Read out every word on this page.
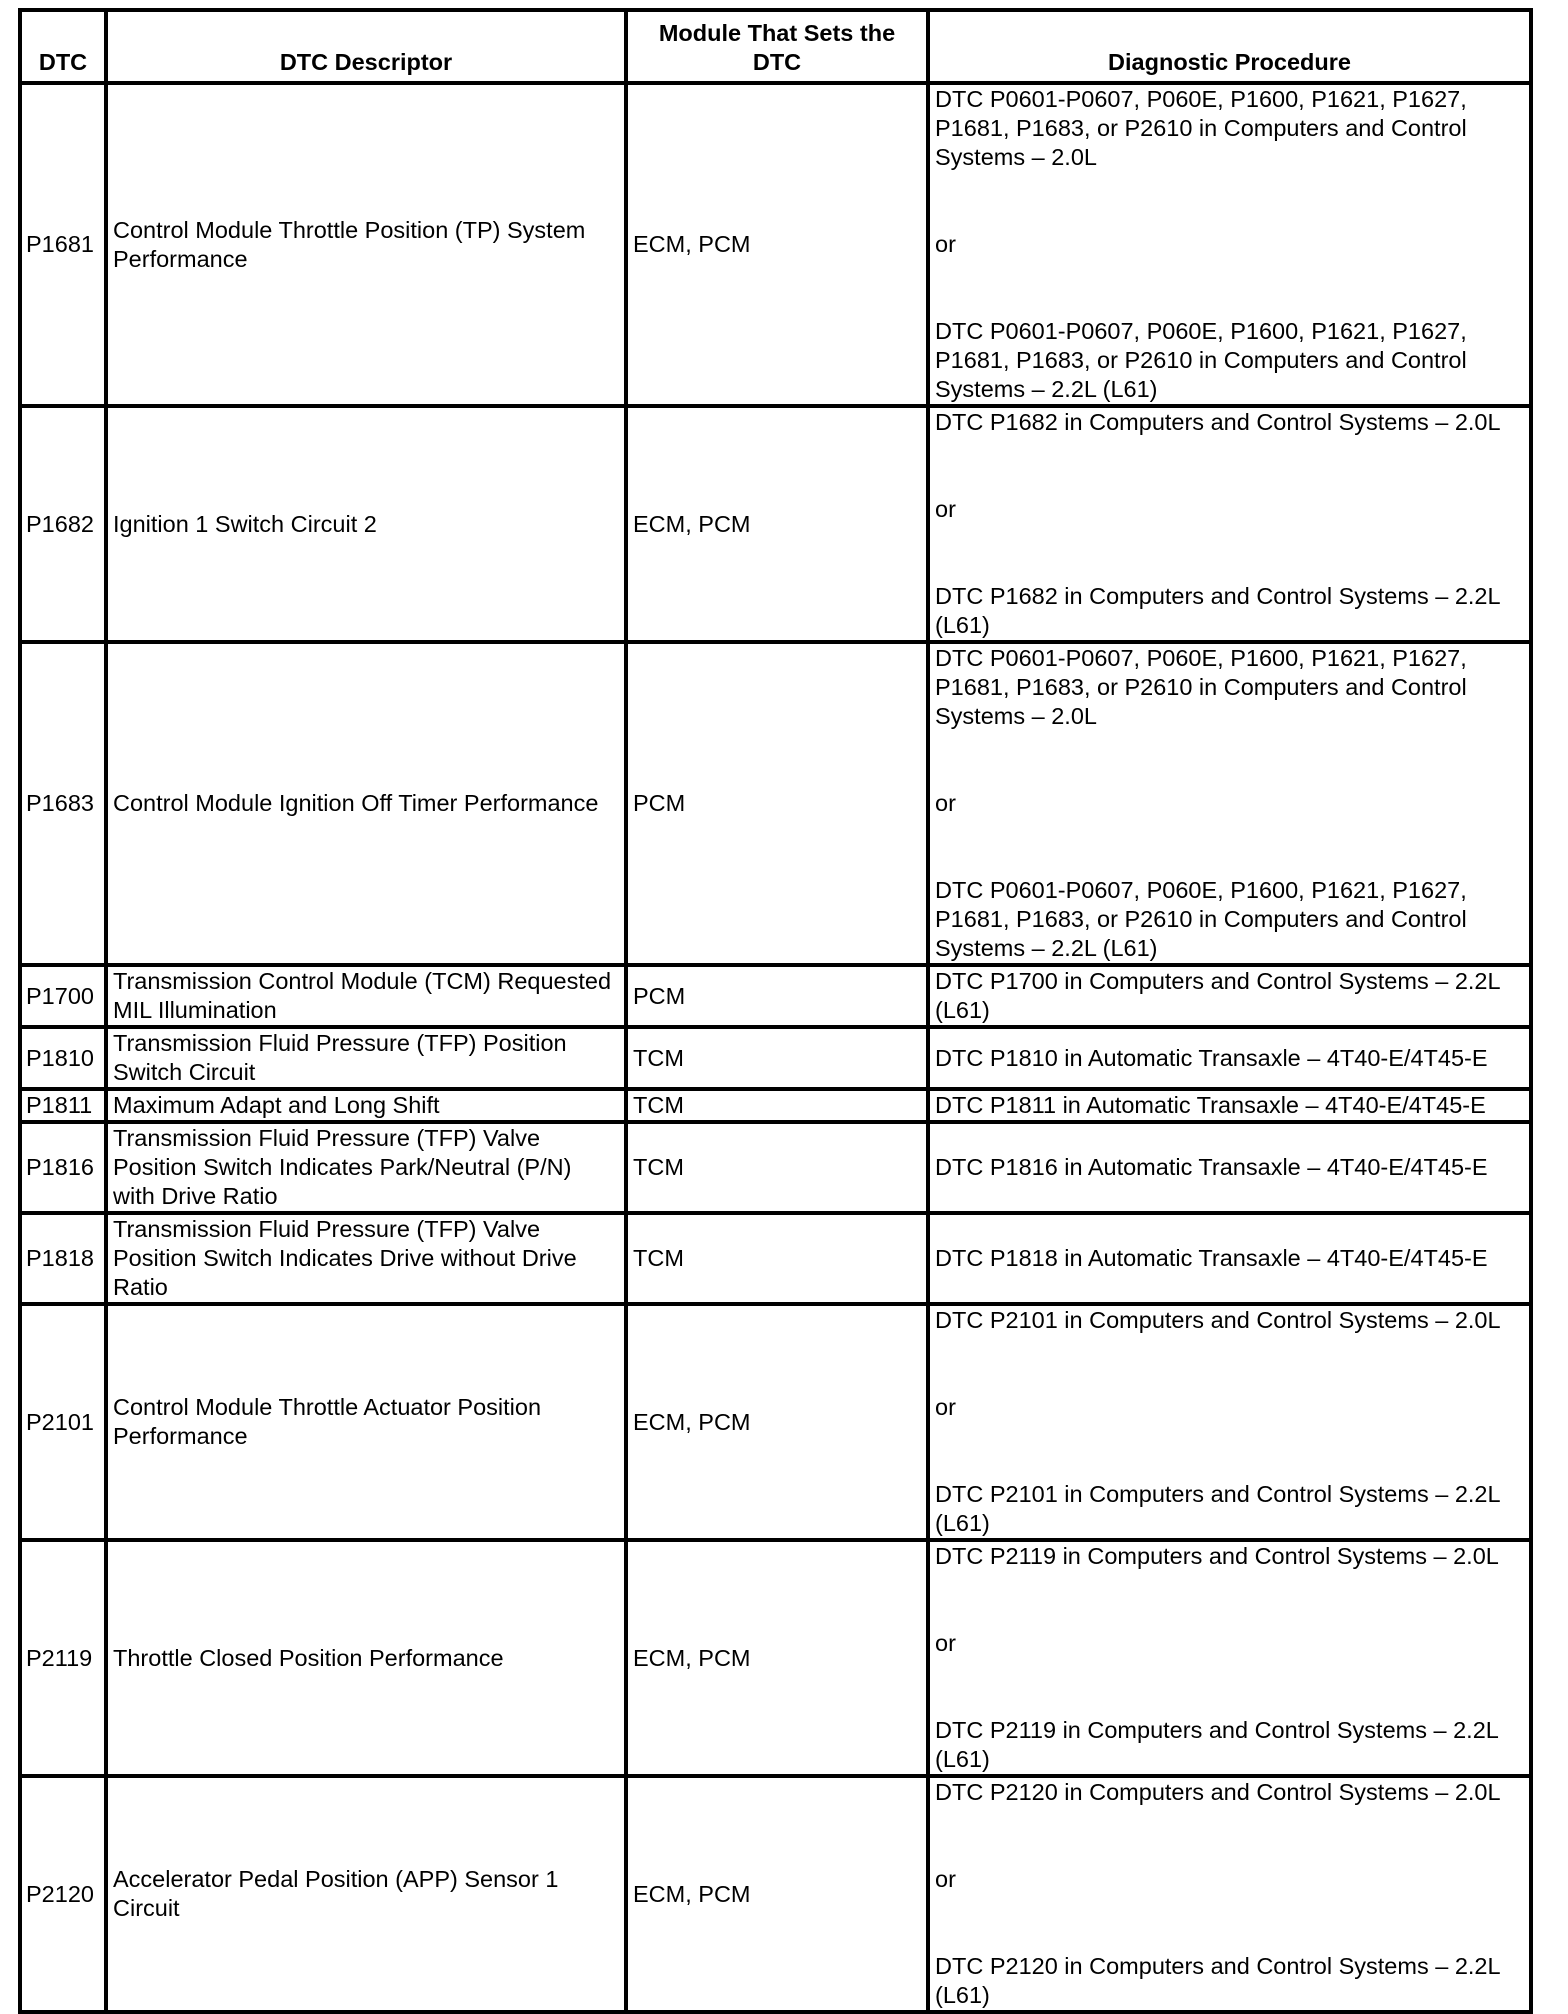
DTC	DTC Descriptor	Module That Sets the DTC	Diagnostic Procedure
P1681	Control Module Throttle Position (TP) System Performance	ECM, PCM	DTC P0601-P0607, P060E, P1600, P1621, P1627, P1681, P1683, or P2610 in Computers and Control Systems – 2.0L

or

DTC P0601-P0607, P060E, P1600, P1621, P1627, P1681, P1683, or P2610 in Computers and Control Systems – 2.2L (L61)

P1682	Ignition 1 Switch Circuit 2	ECM, PCM	DTC P1682 in Computers and Control Systems – 2.0L

or

DTC P1682 in Computers and Control Systems – 2.2L (L61)

P1683	Control Module Ignition Off Timer Performance	PCM	DTC P0601-P0607, P060E, P1600, P1621, P1627, P1681, P1683, or P2610 in Computers and Control Systems – 2.0L

or

DTC P0601-P0607, P060E, P1600, P1621, P1627, P1681, P1683, or P2610 in Computers and Control Systems – 2.2L (L61)

P1700	Transmission Control Module (TCM) Requested MIL Illumination	PCM	DTC P1700 in Computers and Control Systems – 2.2L (L61)

P1810	Transmission Fluid Pressure (TFP) Position Switch Circuit	TCM	DTC P1810 in Automatic Transaxle – 4T40-E/4T45-E

P1811	Maximum Adapt and Long Shift	TCM	DTC P1811 in Automatic Transaxle – 4T40-E/4T45-E

P1816	Transmission Fluid Pressure (TFP) Valve Position Switch Indicates Park/Neutral (P/N) with Drive Ratio	TCM	DTC P1816 in Automatic Transaxle – 4T40-E/4T45-E

P1818	Transmission Fluid Pressure (TFP) Valve Position Switch Indicates Drive without Drive Ratio	TCM	DTC P1818 in Automatic Transaxle – 4T40-E/4T45-E

P2101	Control Module Throttle Actuator Position Performance	ECM, PCM	DTC P2101 in Computers and Control Systems – 2.0L

or

DTC P2101 in Computers and Control Systems – 2.2L (L61)

P2119	Throttle Closed Position Performance	ECM, PCM	DTC P2119 in Computers and Control Systems – 2.0L

or

DTC P2119 in Computers and Control Systems – 2.2L (L61)

P2120	Accelerator Pedal Position (APP) Sensor 1 Circuit	ECM, PCM	DTC P2120 in Computers and Control Systems – 2.0L

or

DTC P2120 in Computers and Control Systems – 2.2L (L61)
